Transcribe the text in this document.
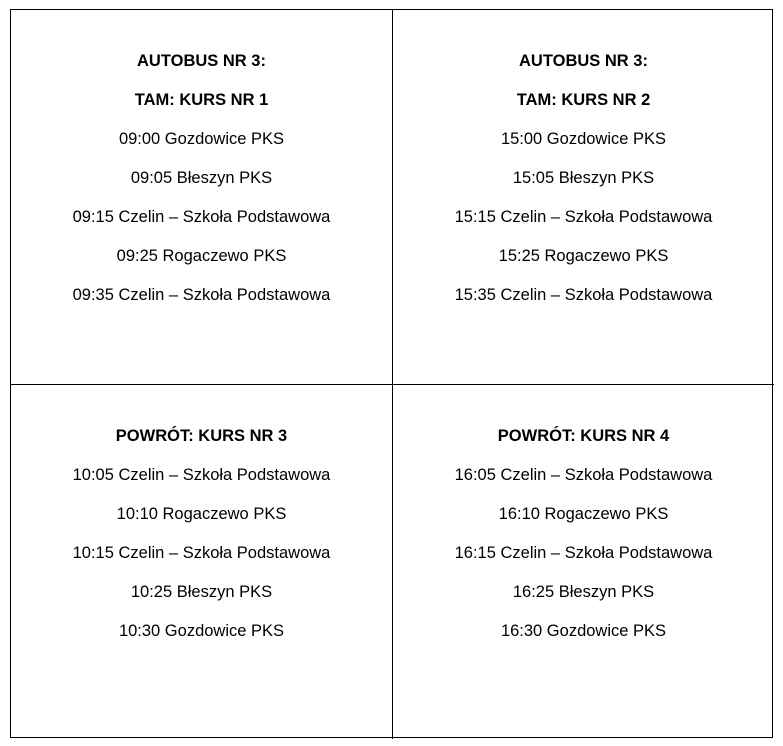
AUTOBUS NR 3:
TAM: KURS NR 1
09:00 Gozdowice PKS
09:05 Błeszyn PKS
09:15 Czelin – Szkoła Podstawowa
09:25 Rogaczewo PKS
09:35 Czelin – Szkoła Podstawowa
AUTOBUS NR 3:
TAM: KURS NR 2
15:00 Gozdowice PKS
15:05 Błeszyn PKS
15:15 Czelin – Szkoła Podstawowa
15:25 Rogaczewo PKS
15:35 Czelin – Szkoła Podstawowa
POWRÓT: KURS NR 3
10:05 Czelin – Szkoła Podstawowa
10:10 Rogaczewo PKS
10:15 Czelin – Szkoła Podstawowa
10:25 Błeszyn PKS
10:30 Gozdowice PKS
POWRÓT: KURS NR 4
16:05 Czelin – Szkoła Podstawowa
16:10 Rogaczewo PKS
16:15 Czelin – Szkoła Podstawowa
16:25 Błeszyn PKS
16:30 Gozdowice PKS
